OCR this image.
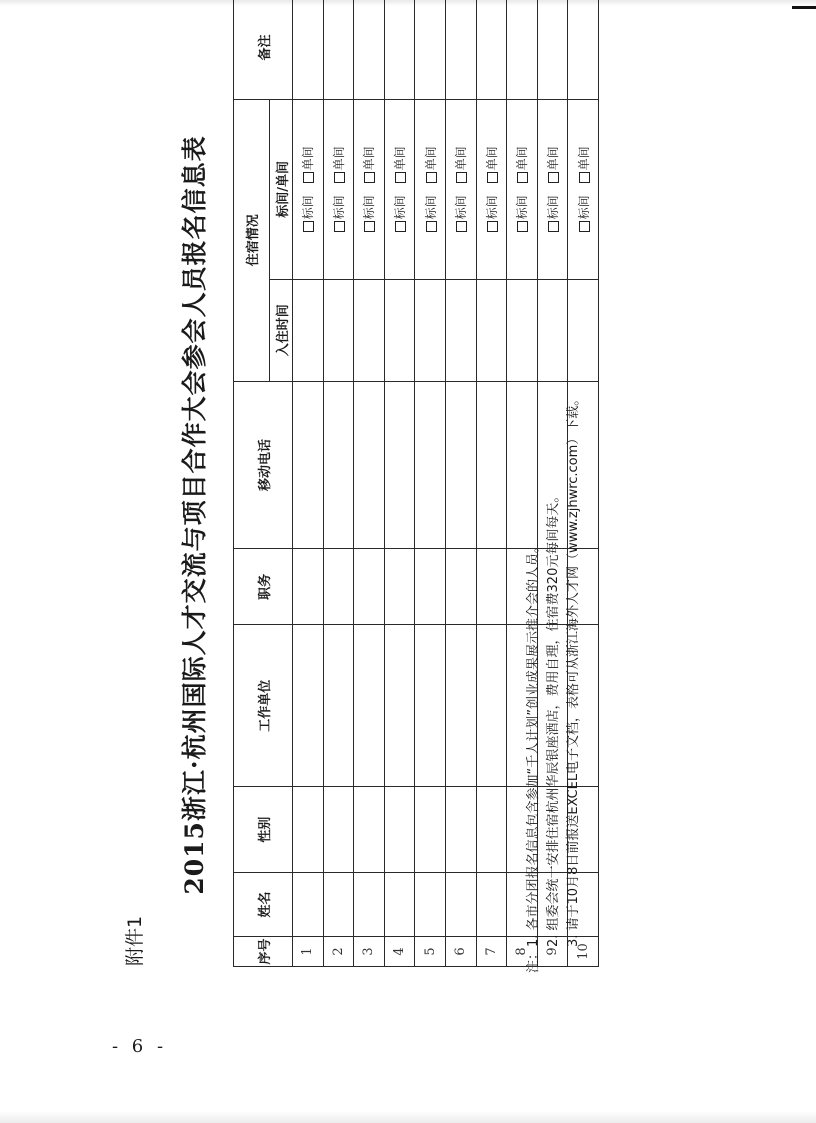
附件1
2015浙江·杭州国际人才交流与项目合作大会参会人员报名信息表
序号	姓名	性别	工作单位	职务	移动电话	住宿情况		备注
						入住时间	标间/单间	
1							标间单间	
2							标间单间	
3							标间单间	
4							标间单间	
5							标间单间	
6							标间单间	
7							标间单间	
8							标间单间	
9							标间单间	
10							标间单间	
注：1. 各市分团报名信息包含参加“千人计划”创业成果展示推介会的人员。 2. 组委会统一安排住宿杭州华辰银座酒店，费用自理，住宿费320元每间每天。 3. 请于10月8日前报送EXCEL电子文档，表格可从浙江海外人才网（www.zjhwrc.com）下载。
- 6 -
